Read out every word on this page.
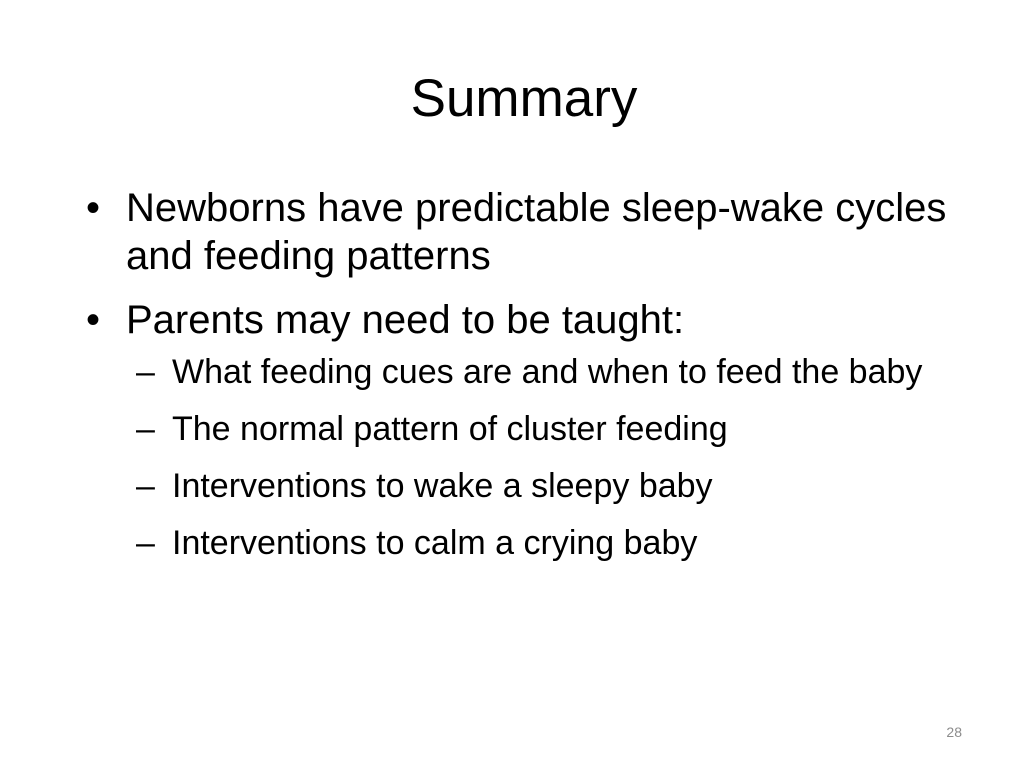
Summary
• Newborns have predictable sleep-wake cycles and feeding patterns
• Parents may need to be taught:
– What feeding cues are and when to feed the baby
– The normal pattern of cluster feeding
– Interventions to wake a sleepy baby
– Interventions to calm a crying baby
28
